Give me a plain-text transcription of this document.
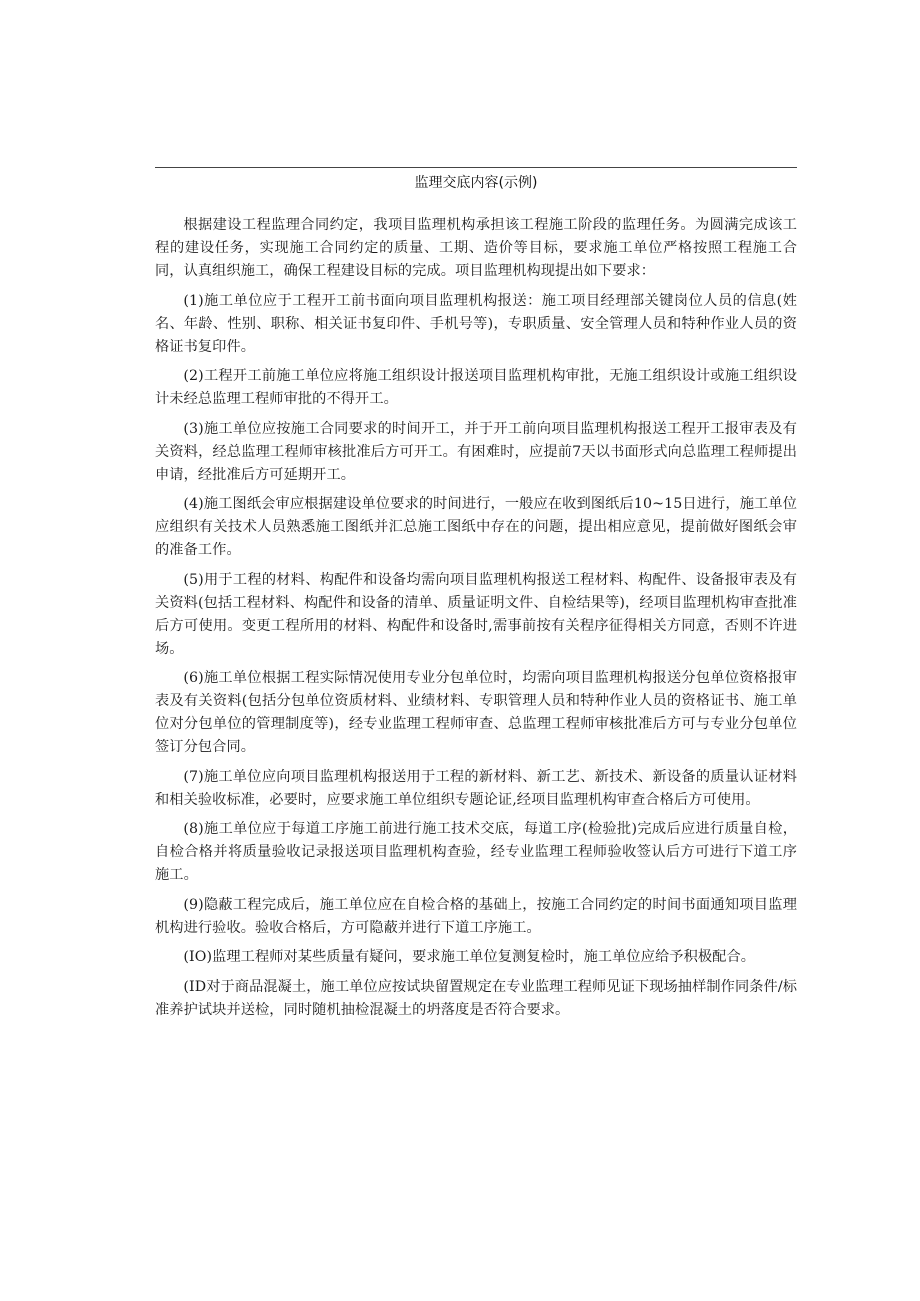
监理交底内容(示例)

根据建设工程监理合同约定，我项目监理机构承担该工程施工阶段的监理任务。为圆满完成该工程的建设任务，实现施工合同约定的质量、工期、造价等目标，要求施工单位严格按照工程施工合同，认真组织施工，确保工程建设目标的完成。项目监理机构现提出如下要求：

(1)施工单位应于工程开工前书面向项目监理机构报送：施工项目经理部关键岗位人员的信息(姓名、年龄、性别、职称、相关证书复印件、手机号等)，专职质量、安全管理人员和特种作业人员的资格证书复印件。

(2)工程开工前施工单位应将施工组织设计报送项目监理机构审批，无施工组织设计或施工组织设计未经总监理工程师审批的不得开工。

(3)施工单位应按施工合同要求的时间开工，并于开工前向项目监理机构报送工程开工报审表及有关资料，经总监理工程师审核批准后方可开工。有困难时，应提前7天以书面形式向总监理工程师提出申请，经批准后方可延期开工。

(4)施工图纸会审应根据建设单位要求的时间进行，一般应在收到图纸后10~15日进行，施工单位应组织有关技术人员熟悉施工图纸并汇总施工图纸中存在的问题，提出相应意见，提前做好图纸会审的准备工作。

(5)用于工程的材料、构配件和设备均需向项目监理机构报送工程材料、构配件、设备报审表及有关资料(包括工程材料、构配件和设备的清单、质量证明文件、自检结果等)，经项目监理机构审查批准后方可使用。变更工程所用的材料、构配件和设备时,需事前按有关程序征得相关方同意，否则不许进场。

(6)施工单位根据工程实际情况使用专业分包单位时，均需向项目监理机构报送分包单位资格报审表及有关资料(包括分包单位资质材料、业绩材料、专职管理人员和特种作业人员的资格证书、施工单位对分包单位的管理制度等)，经专业监理工程师审查、总监理工程师审核批准后方可与专业分包单位签订分包合同。

(7)施工单位应向项目监理机构报送用于工程的新材料、新工艺、新技术、新设备的质量认证材料和相关验收标准，必要时，应要求施工单位组织专题论证,经项目监理机构审查合格后方可使用。

(8)施工单位应于每道工序施工前进行施工技术交底，每道工序(检验批)完成后应进行质量自检，自检合格并将质量验收记录报送项目监理机构查验，经专业监理工程师验收签认后方可进行下道工序施工。

(9)隐蔽工程完成后，施工单位应在自检合格的基础上，按施工合同约定的时间书面通知项目监理机构进行验收。验收合格后，方可隐蔽并进行下道工序施工。

(IO)监理工程师对某些质量有疑问，要求施工单位复测复检时，施工单位应给予积极配合。

(ID对于商品混凝土，施工单位应按试块留置规定在专业监理工程师见证下现场抽样制作同条件/标准养护试块并送检，同时随机抽检混凝土的坍落度是否符合要求。
